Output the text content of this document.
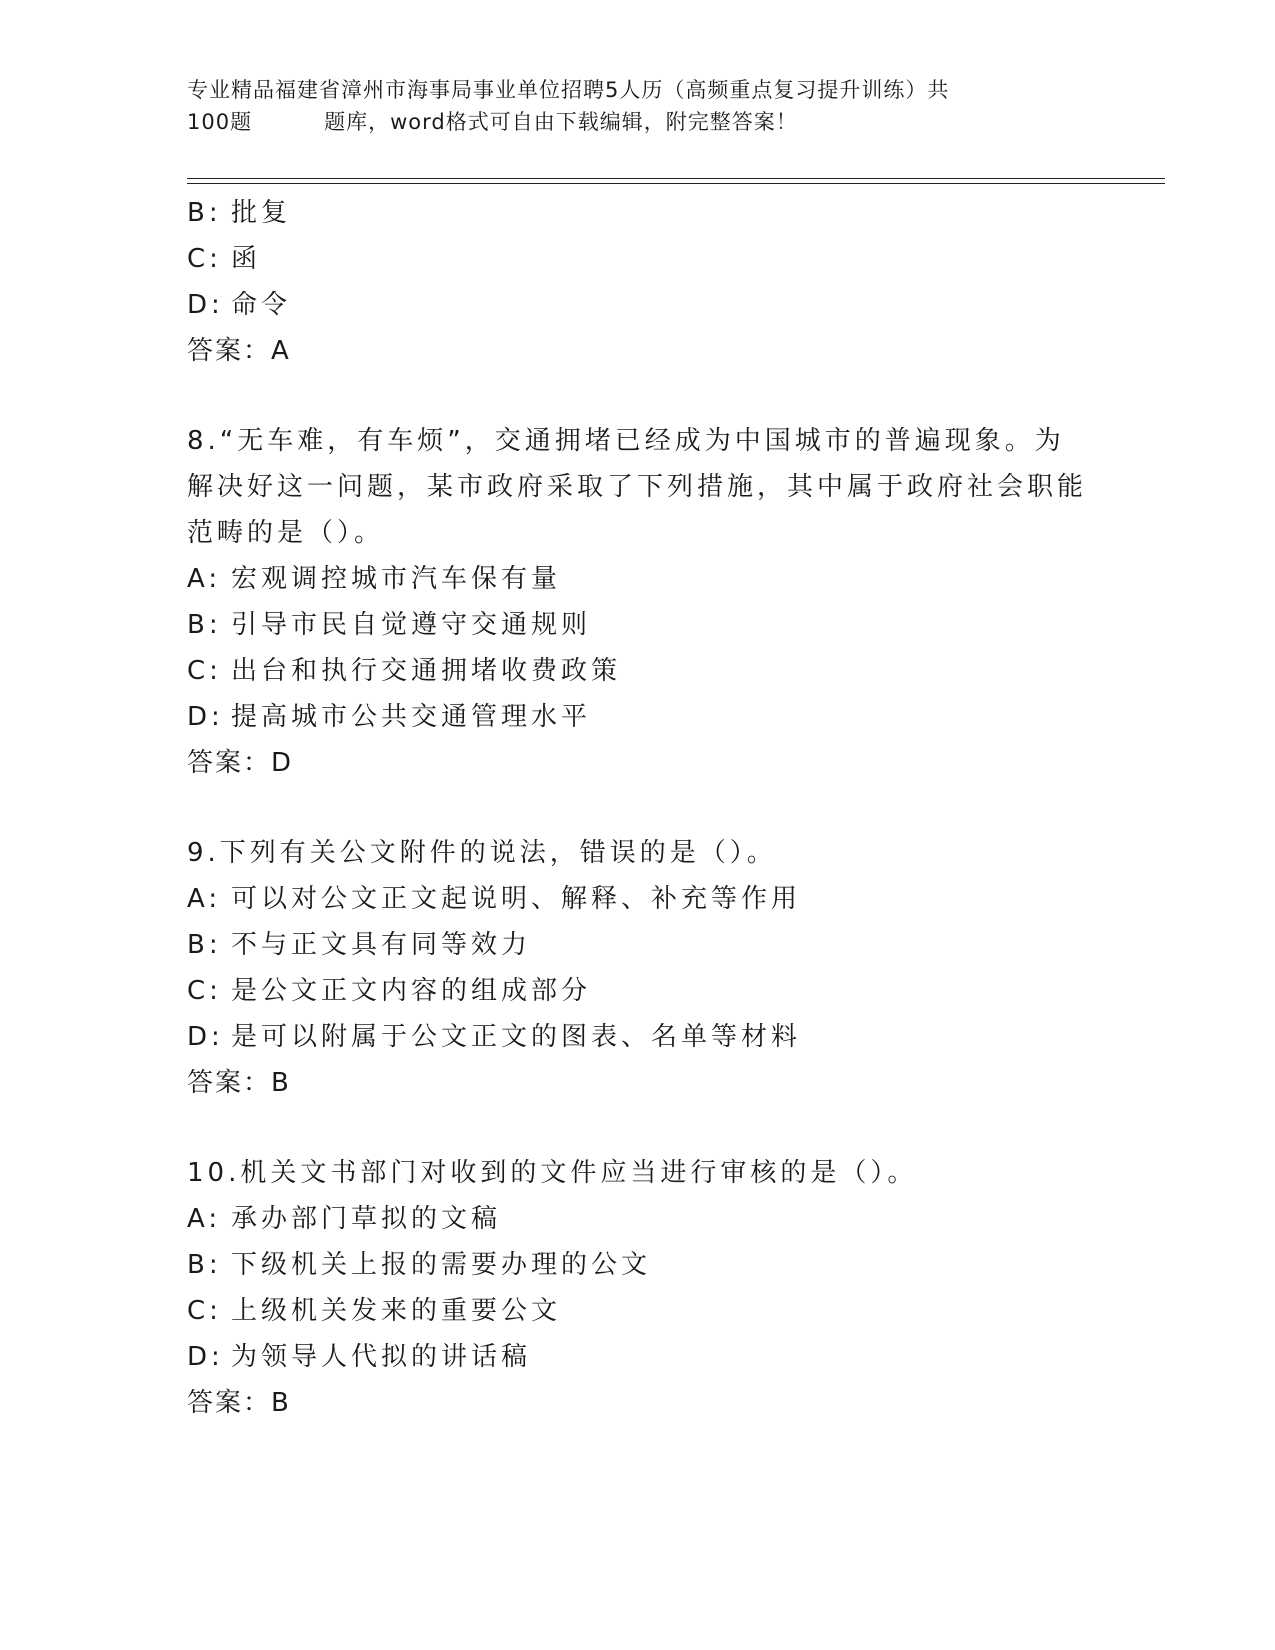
专业精品福建省漳州市海事局事业单位招聘5人历（高频重点复习提升训练）共

100题	题库，word格式可自由下载编辑，附完整答案！
B: 批复
C: 函
D: 命令
答案：A
8.“无车难，有车烦”，交通拥堵已经成为中国城市的普遍现象。为
解决好这一问题，某市政府采取了下列措施，其中属于政府社会职能
范畴的是（）。
A: 宏观调控城市汽车保有量
B: 引导市民自觉遵守交通规则
C: 出台和执行交通拥堵收费政策
D: 提高城市公共交通管理水平
答案：D
9.下列有关公文附件的说法，错误的是（）。
A: 可以对公文正文起说明、解释、补充等作用
B: 不与正文具有同等效力
C: 是公文正文内容的组成部分
D: 是可以附属于公文正文的图表、名单等材料
答案：B
10.机关文书部门对收到的文件应当进行审核的是（）。
A: 承办部门草拟的文稿
B: 下级机关上报的需要办理的公文
C: 上级机关发来的重要公文
D: 为领导人代拟的讲话稿
答案：B
